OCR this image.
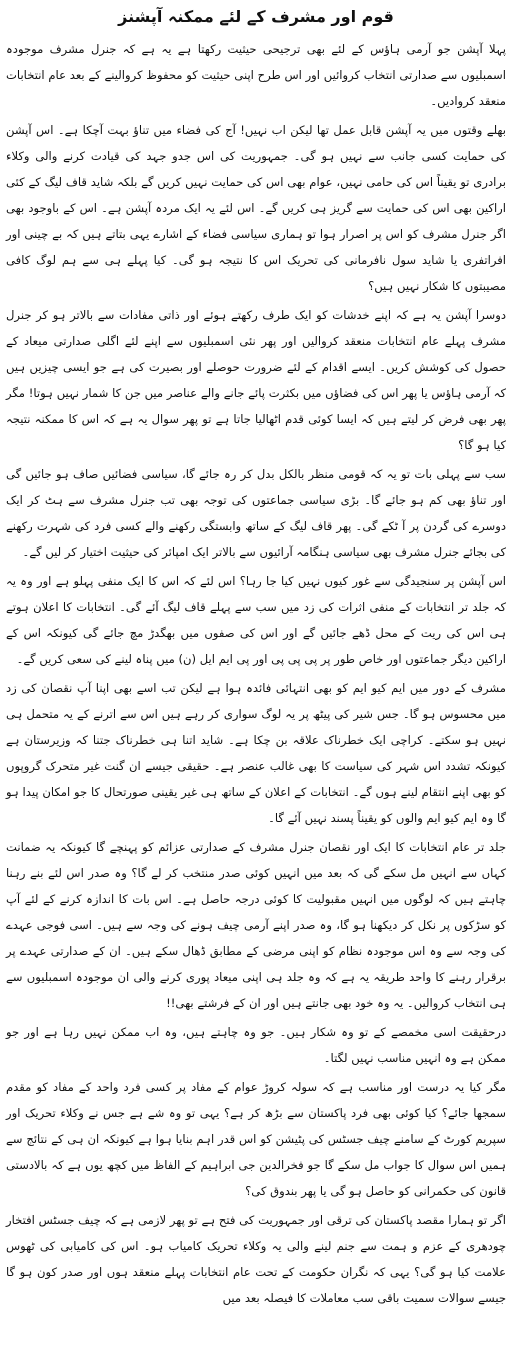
قوم اور مشرف کے لئے ممکنہ آپشنز

پہلا آپشن جو آرمی ہاؤس کے لئے بھی ترجیحی حیثیت رکھتا ہے یہ ہے کہ جنرل مشرف موجودہ اسمبلیوں سے صدارتی انتخاب کروائیں اور اس طرح اپنی حیثیت کو محفوظ کروالینے کے بعد عام انتخابات منعقد کروادیں۔

بھلے وقتوں میں یہ آپشن قابل عمل تھا لیکن اب نہیں! آج کی فضاء میں تناؤ بہت آچکا ہے۔ اس آپشن کی حمایت کسی جانب سے نہیں ہو گی۔ جمہوریت کی اس جدو جہد کی قیادت کرنے والی وکلاء برادری تو یقیناً اس کی حامی نہیں، عوام بھی اس کی حمایت نہیں کریں گے بلکہ شاید قاف لیگ کے کئی اراکین بھی اس کی حمایت سے گریز ہی کریں گے۔ اس لئے یہ ایک مردہ آپشن ہے۔ اس کے باوجود بھی اگر جنرل مشرف کو اس پر اصرار ہوا تو ہماری سیاسی فضاء کے اشارے یہی بتاتے ہیں کہ بے چینی اور افراتفری یا شاید سول نافرمانی کی تحریک اس کا نتیجہ ہو گی۔ کیا پہلے ہی سے ہم لوگ کافی مصیبتوں کا شکار نہیں ہیں؟

دوسرا آپشن یہ ہے کہ اپنے خدشات کو ایک طرف رکھتے ہوئے اور ذاتی مفادات سے بالاتر ہو کر جنرل مشرف پہلے عام انتخابات منعقد کروالیں اور پھر نئی اسمبلیوں سے اپنے لئے اگلی صدارتی میعاد کے حصول کی کوشش کریں۔ ایسے اقدام کے لئے ضرورت حوصلے اور بصیرت کی ہے جو ایسی چیزیں ہیں کہ آرمی ہاؤس یا پھر اس کی فضاؤں میں بکثرت پائے جانے والے عناصر میں جن کا شمار نہیں ہوتا! مگر پھر بھی فرض کر لیتے ہیں کہ ایسا کوئی قدم اٹھالیا جاتا ہے تو پھر سوال یہ ہے کہ اس کا ممکنہ نتیجہ کیا ہو گا؟

سب سے پہلی بات تو یہ کہ قومی منظر بالکل بدل کر رہ جائے گا، سیاسی فضائیں صاف ہو جائیں گی اور تناؤ بھی کم ہو جائے گا۔ بڑی سیاسی جماعتوں کی توجہ بھی تب جنرل مشرف سے ہٹ کر ایک دوسرے کی گردن پر آ ٹکے گی۔ پھر قاف لیگ کے ساتھ وابستگی رکھنے والے کسی فرد کی شہرت رکھنے کی بجائے جنرل مشرف بھی سیاسی ہنگامہ آرائیوں سے بالاتر ایک امپائر کی حیثیت اختیار کر لیں گے۔

اس آپشن پر سنجیدگی سے غور کیوں نہیں کیا جا رہا؟ اس لئے کہ اس کا ایک منفی پہلو ہے اور وہ یہ کہ جلد تر انتخابات کے منفی اثرات کی زد میں سب سے پہلے قاف لیگ آئے گی۔ انتخابات کا اعلان ہوتے ہی اس کی ریت کے محل ڈھے جائیں گے اور اس کی صفوں میں بھگدڑ مچ جائے گی کیونکہ اس کے اراکین دیگر جماعتوں اور خاص طور پر پی پی پی اور پی ایم ایل (ن) میں پناہ لینے کی سعی کریں گے۔

مشرف کے دور میں ایم کیو ایم کو بھی انتہائی فائدہ ہوا ہے لیکن تب اسے بھی اپنا آپ نقصان کی زد میں محسوس ہو گا۔ جس شیر کی پیٹھ پر یہ لوگ سواری کر رہے ہیں اس سے اترنے کے یہ متحمل ہی نہیں ہو سکتے۔ کراچی ایک خطرناک علاقہ بن چکا ہے۔ شاید اتنا ہی خطرناک جتنا کہ وزیرستان ہے کیونکہ تشدد اس شہر کی سیاست کا بھی غالب عنصر ہے۔ حقیقی جیسے ان گنت غیر متحرک گروپوں کو بھی اپنے انتقام لینے ہوں گے۔ انتخابات کے اعلان کے ساتھ ہی غیر یقینی صورتحال کا جو امکان پیدا ہو گا وہ ایم کیو ایم والوں کو یقیناً پسند نہیں آئے گا۔

جلد تر عام انتخابات کا ایک اور نقصان جنرل مشرف کے صدارتی عزائم کو پہنچے گا کیونکہ یہ ضمانت کہاں سے انہیں مل سکے گی کہ بعد میں انہیں کوئی صدر منتخب کر لے گا؟ وہ صدر اس لئے بنے رہنا چاہتے ہیں کہ لوگوں میں انہیں مقبولیت کا کوئی درجہ حاصل ہے۔ اس بات کا اندازہ کرنے کے لئے آپ کو سڑکوں پر نکل کر دیکھنا ہو گا، وہ صدر اپنے آرمی چیف ہونے کی وجہ سے ہیں۔ اسی فوجی عہدے کی وجہ سے وہ اس موجودہ نظام کو اپنی مرضی کے مطابق ڈھال سکے ہیں۔ ان کے صدارتی عہدے پر برقرار رہنے کا واحد طریقہ یہ ہے کہ وہ جلد ہی اپنی میعاد پوری کرنے والی ان موجودہ اسمبلیوں سے ہی انتخاب کروالیں۔ یہ وہ خود بھی جانتے ہیں اور ان کے فرشتے بھی!!

درحقیقت اسی مخمصے کے تو وہ شکار ہیں۔ جو وہ چاہتے ہیں، وہ اب ممکن نہیں رہا ہے اور جو ممکن ہے وہ انہیں مناسب نہیں لگتا۔

مگر کیا یہ درست اور مناسب ہے کہ سولہ کروڑ عوام کے مفاد پر کسی فرد واحد کے مفاد کو مقدم سمجھا جائے؟ کیا کوئی بھی فرد پاکستان سے بڑھ کر ہے؟ یہی تو وہ شے ہے جس نے وکلاء تحریک اور سپریم کورٹ کے سامنے چیف جسٹس کی پٹیشن کو اس قدر اہم بنایا ہوا ہے کیونکہ ان ہی کے نتائج سے ہمیں اس سوال کا جواب مل سکے گا جو فخرالدین جی ابراہیم کے الفاظ میں کچھ یوں ہے کہ بالادستی قانون کی حکمرانی کو حاصل ہو گی یا پھر بندوق کی؟

اگر تو ہمارا مقصد پاکستان کی ترقی اور جمہوریت کی فتح ہے تو پھر لازمی ہے کہ چیف جسٹس افتخار چودھری کے عزم و ہمت سے جنم لینے والی یہ وکلاء تحریک کامیاب ہو۔ اس کی کامیابی کی ٹھوس علامت کیا ہو گی؟ یہی کہ نگران حکومت کے تحت عام انتخابات پہلے منعقد ہوں اور صدر کون ہو گا جیسے سوالات سمیت باقی سب معاملات کا فیصلہ بعد میں
